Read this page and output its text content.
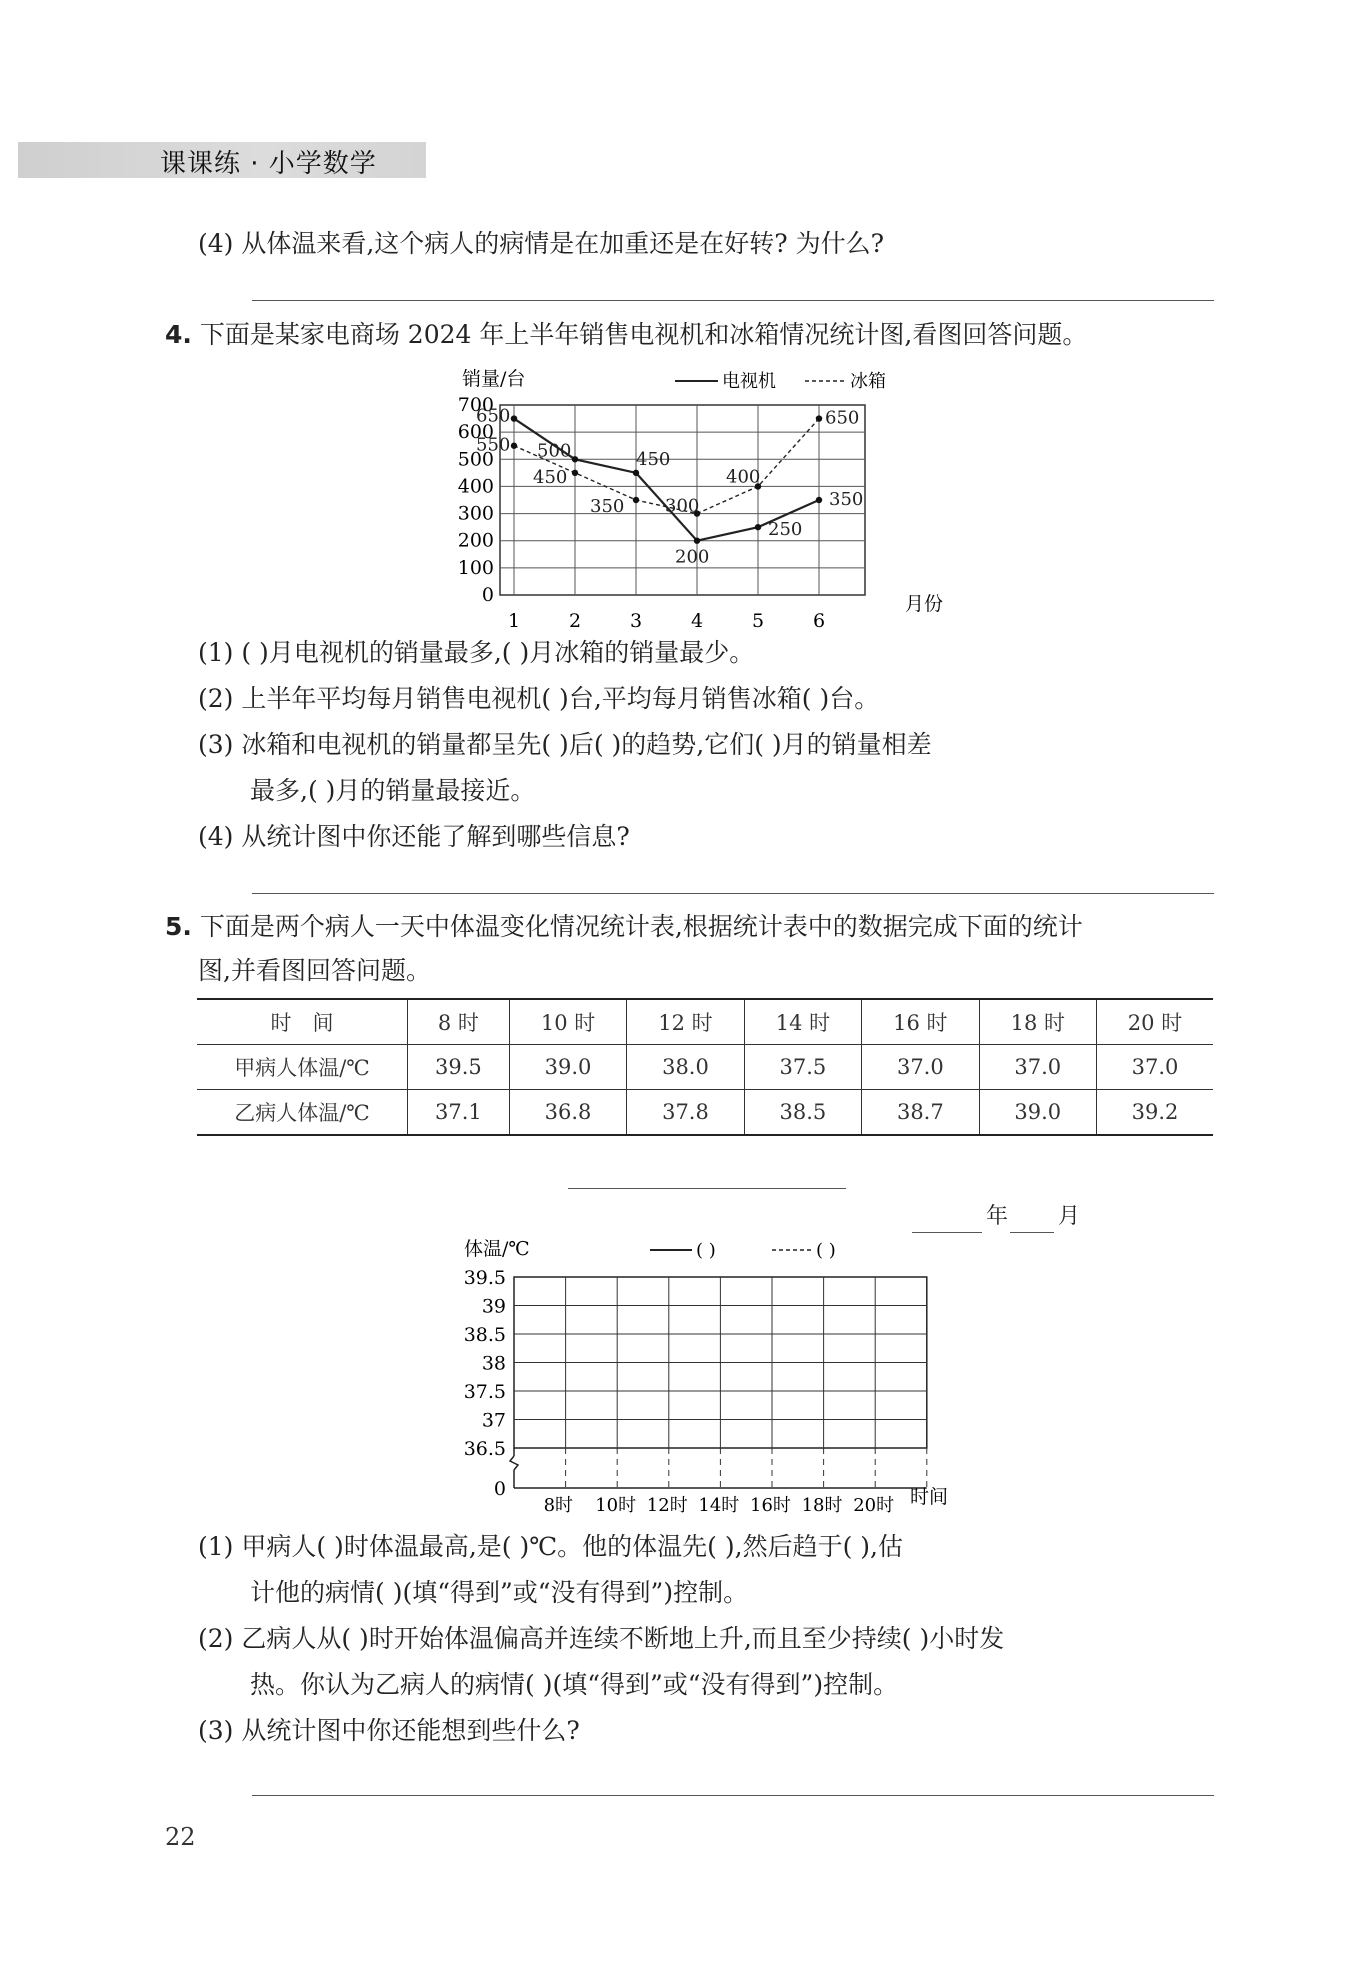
课课练 · 小学数学
(4) 从体温来看,这个病人的病情是在加重还是在好转? 为什么?
4. 下面是某家电商场 2024 年上半年销售电视机和冰箱情况统计图,看图回答问题。
销量/台	电视机	冰箱
0
100
200
300
400
500
600
700
1	2	3	4	5	6
月份
650
500	450
200
250
350
550
450
350 300
400
650
(1) ( )月电视机的销量最多,( )月冰箱的销量最少。
(2) 上半年平均每月销售电视机( )台,平均每月销售冰箱( )台。
(3) 冰箱和电视机的销量都呈先( )后( )的趋势,它们( )月的销量相差
最多,( )月的销量最接近。
(4) 从统计图中你还能了解到哪些信息?
5. 下面是两个病人一天中体温变化情况统计表,根据统计表中的数据完成下面的统计
图,并看图回答问题。
时　间	8 时	10 时	12 时	14 时	16 时	18 时	20 时
甲病人体温/℃	39.5	39.0	38.0	37.5	37.0	37.0	37.0
乙病人体温/℃	37.1	36.8	37.8	38.5	38.7	39.0	39.2
年 月
体温/℃	( )	( )
39.5
39
38.5
38
37.5
37
36.5
0
8时 10时 12时 14时 16时 18时 20时 时间
(1) 甲病人( )时体温最高,是( )℃。他的体温先( ),然后趋于( ),估
计他的病情( )(填“得到”或“没有得到”)控制。
(2) 乙病人从( )时开始体温偏高并连续不断地上升,而且至少持续( )小时发
热。你认为乙病人的病情( )(填“得到”或“没有得到”)控制。
(3) 从统计图中你还能想到些什么?
22
